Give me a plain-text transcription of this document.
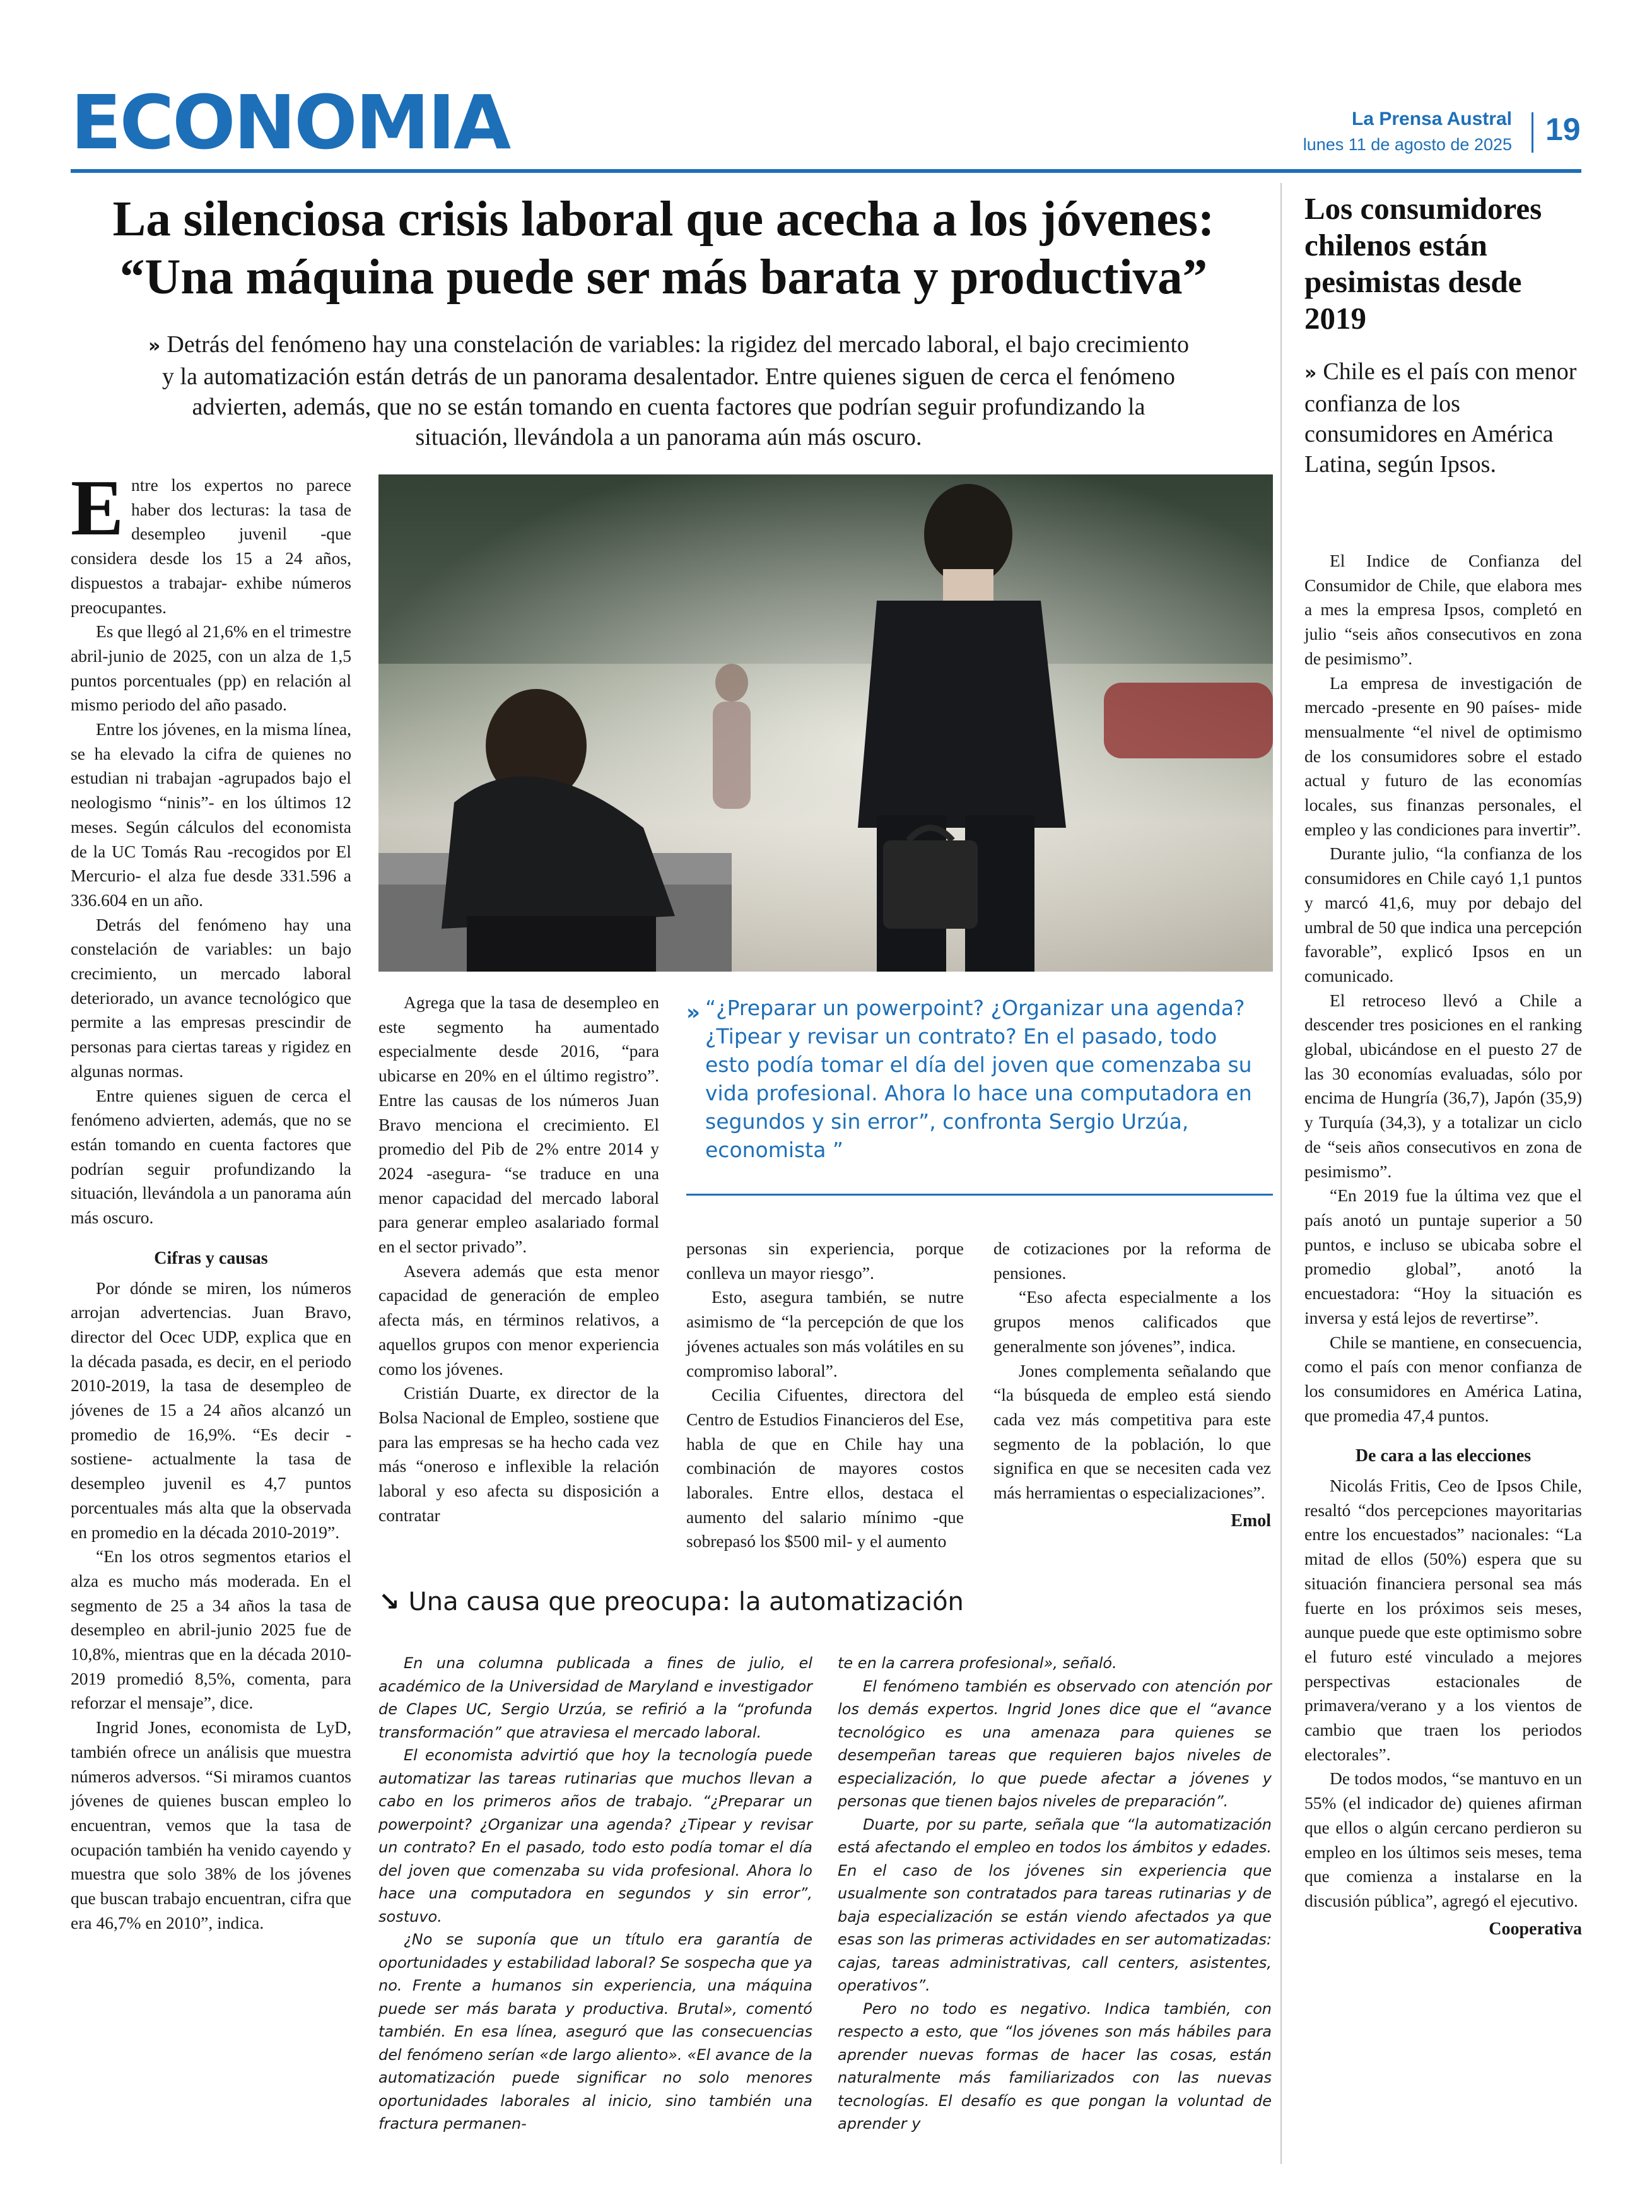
ECONOMIA	La Prensa Austral
lunes 11 de agosto de 2025 19
La silenciosa crisis laboral que acecha a los jóvenes: “Una máquina puede ser más barata y productiva”
» Detrás del fenómeno hay una constelación de variables: la rigidez del mercado laboral, el bajo crecimiento y la automatización están detrás de un panorama desalentador. Entre quienes siguen de cerca el fenómeno advierten, además, que no se están tomando en cuenta factores que podrían seguir profundizando la situación, llevándola a un panorama aún más oscuro.

Entre los expertos no parece haber dos lecturas: la tasa de desempleo juvenil -que considera desde los 15 a 24 años, dispuestos a trabajar- exhibe números preocupantes.

Es que llegó al 21,6% en el trimestre abril-junio de 2025, con un alza de 1,5 puntos porcentuales (pp) en relación al mismo periodo del año pasado.

Entre los jóvenes, en la misma línea, se ha elevado la cifra de quienes no estudian ni trabajan -agrupados bajo el neologismo “ninis”- en los últimos 12 meses. Según cálculos del economista de la UC Tomás Rau -recogidos por El Mercurio- el alza fue desde 331.596 a 336.604 en un año.

Detrás del fenómeno hay una constelación de variables: un bajo crecimiento, un mercado laboral deteriorado, un avance tecnológico que permite a las empresas prescindir de personas para ciertas tareas y rigidez en algunas normas.

Entre quienes siguen de cerca el fenómeno advierten, además, que no se están tomando en cuenta factores que podrían seguir profundizando la situación, llevándola a un panorama aún más oscuro.

Cifras y causas

Por dónde se miren, los números arrojan advertencias. Juan Bravo, director del Ocec UDP, explica que en la década pasada, es decir, en el periodo 2010-2019, la tasa de desempleo de jóvenes de 15 a 24 años alcanzó un promedio de 16,9%. “Es decir -sostiene- actualmente la tasa de desempleo juvenil es 4,7 puntos porcentuales más alta que la observada en promedio en la década 2010-2019”.

“En los otros segmentos etarios el alza es mucho más moderada. En el segmento de 25 a 34 años la tasa de desempleo en abril-junio 2025 fue de 10,8%, mientras que en la década 2010-2019 promedió 8,5%, comenta, para reforzar el mensaje”, dice.

Ingrid Jones, economista de LyD, también ofrece un análisis que muestra números adversos. “Si miramos cuantos jóvenes de quienes buscan empleo lo encuentran, vemos que la tasa de ocupación también ha venido cayendo y muestra que solo 38% de los jóvenes que buscan trabajo encuentran, cifra que era 46,7% en 2010”, indica.

» “¿Preparar un powerpoint? ¿Organizar una agenda? ¿Tipear y revisar un contrato? En el pasado, todo esto podía tomar el día del joven que comenzaba su vida profesional. Ahora lo hace una computadora en segundos y sin error”, confronta Sergio Urzúa, economista ”

Agrega que la tasa de desempleo en este segmento ha aumentado especialmente desde 2016, “para ubicarse en 20% en el último registro”. Entre las causas de los números Juan Bravo menciona el crecimiento. El promedio del Pib de 2% entre 2014 y 2024 -asegura- “se traduce en una menor capacidad del mercado laboral para generar empleo asalariado formal en el sector privado”.

Asevera además que esta menor capacidad de generación de empleo afecta más, en términos relativos, a aquellos grupos con menor experiencia como los jóvenes.

Cristián Duarte, ex director de la Bolsa Nacional de Empleo, sostiene que para las empresas se ha hecho cada vez más “oneroso e inflexible la relación laboral y eso afecta su disposición a contratar

personas sin experiencia, porque conlleva un mayor riesgo”.

Esto, asegura también, se nutre asimismo de “la percepción de que los jóvenes actuales son más volátiles en su compromiso laboral”.

Cecilia Cifuentes, directora del Centro de Estudios Financieros del Ese, habla de que en Chile hay una combinación de mayores costos laborales. Entre ellos, destaca el aumento del salario mínimo -que sobrepasó los $500 mil- y el aumento

de cotizaciones por la reforma de pensiones.

“Eso afecta especialmente a los grupos menos calificados que generalmente son jóvenes”, indica.

Jones complementa señalando que “la búsqueda de empleo está siendo cada vez más competitiva para este segmento de la población, lo que significa en que se necesiten cada vez más herramientas o especializaciones”.

Emol
↘ Una causa que preocupa: la automatización

En una columna publicada a fines de julio, el académico de la Universidad de Maryland e investigador de Clapes UC, Sergio Urzúa, se refirió a la “profunda transformación” que atraviesa el mercado laboral.

El economista advirtió que hoy la tecnología puede automatizar las tareas rutinarias que muchos llevan a cabo en los primeros años de trabajo. “¿Preparar un powerpoint? ¿Organizar una agenda? ¿Tipear y revisar un contrato? En el pasado, todo esto podía tomar el día del joven que comenzaba su vida profesional. Ahora lo hace una computadora en segundos y sin error”, sostuvo.

¿No se suponía que un título era garantía de oportunidades y estabilidad laboral? Se sospecha que ya no. Frente a humanos sin experiencia, una máquina puede ser más barata y productiva. Brutal», comentó también. En esa línea, aseguró que las consecuencias del fenómeno serían «de largo aliento». «El avance de la automatización puede significar no solo menores oportunidades laborales al inicio, sino también una fractura permanen-

te en la carrera profesional», señaló.

El fenómeno también es observado con atención por los demás expertos. Ingrid Jones dice que el “avance tecnológico es una amenaza para quienes se desempeñan tareas que requieren bajos niveles de especialización, lo que puede afectar a jóvenes y personas que tienen bajos niveles de preparación”.

Duarte, por su parte, señala que “la automatización está afectando el empleo en todos los ámbitos y edades. En el caso de los jóvenes sin experiencia que usualmente son contratados para tareas rutinarias y de baja especialización se están viendo afectados ya que esas son las primeras actividades en ser automatizadas: cajas, tareas administrativas, call centers, asistentes, operativos”.

Pero no todo es negativo. Indica también, con respecto a esto, que “los jóvenes son más hábiles para aprender nuevas formas de hacer las cosas, están naturalmente más familiarizados con las nuevas tecnologías. El desafío es que pongan la voluntad de aprender y

Los consumidores chilenos están pesimistas desde 2019
» Chile es el país con menor confianza de los consumidores en América Latina, según Ipsos.

El Indice de Confianza del Consumidor de Chile, que elabora mes a mes la empresa Ipsos, completó en julio “seis años consecutivos en zona de pesimismo”.

La empresa de investigación de mercado -presente en 90 países- mide mensualmente “el nivel de optimismo de los consumidores sobre el estado actual y futuro de las economías locales, sus finanzas personales, el empleo y las condiciones para invertir”.

Durante julio, “la confianza de los consumidores en Chile cayó 1,1 puntos y marcó 41,6, muy por debajo del umbral de 50 que indica una percepción favorable”, explicó Ipsos en un comunicado.

El retroceso llevó a Chile a descender tres posiciones en el ranking global, ubicándose en el puesto 27 de las 30 economías evaluadas, sólo por encima de Hungría (36,7), Japón (35,9) y Turquía (34,3), y a totalizar un ciclo de “seis años consecutivos en zona de pesimismo”.

“En 2019 fue la última vez que el país anotó un puntaje superior a 50 puntos, e incluso se ubicaba sobre el promedio global”, anotó la encuestadora: “Hoy la situación es inversa y está lejos de revertirse”.

Chile se mantiene, en consecuencia, como el país con menor confianza de los consumidores en América Latina, que promedia 47,4 puntos.

De cara a las elecciones

Nicolás Fritis, Ceo de Ipsos Chile, resaltó “dos percepciones mayoritarias entre los encuestados” nacionales: “La mitad de ellos (50%) espera que su situación financiera personal sea más fuerte en los próximos seis meses, aunque puede que este optimismo sobre el futuro esté vinculado a mejores perspectivas estacionales de primavera/verano y a los vientos de cambio que traen los periodos electorales”.

De todos modos, “se mantuvo en un 55% (el indicador de) quienes afirman que ellos o algún cercano perdieron su empleo en los últimos seis meses, tema que comienza a instalarse en la discusión pública”, agregó el ejecutivo.

Cooperativa
